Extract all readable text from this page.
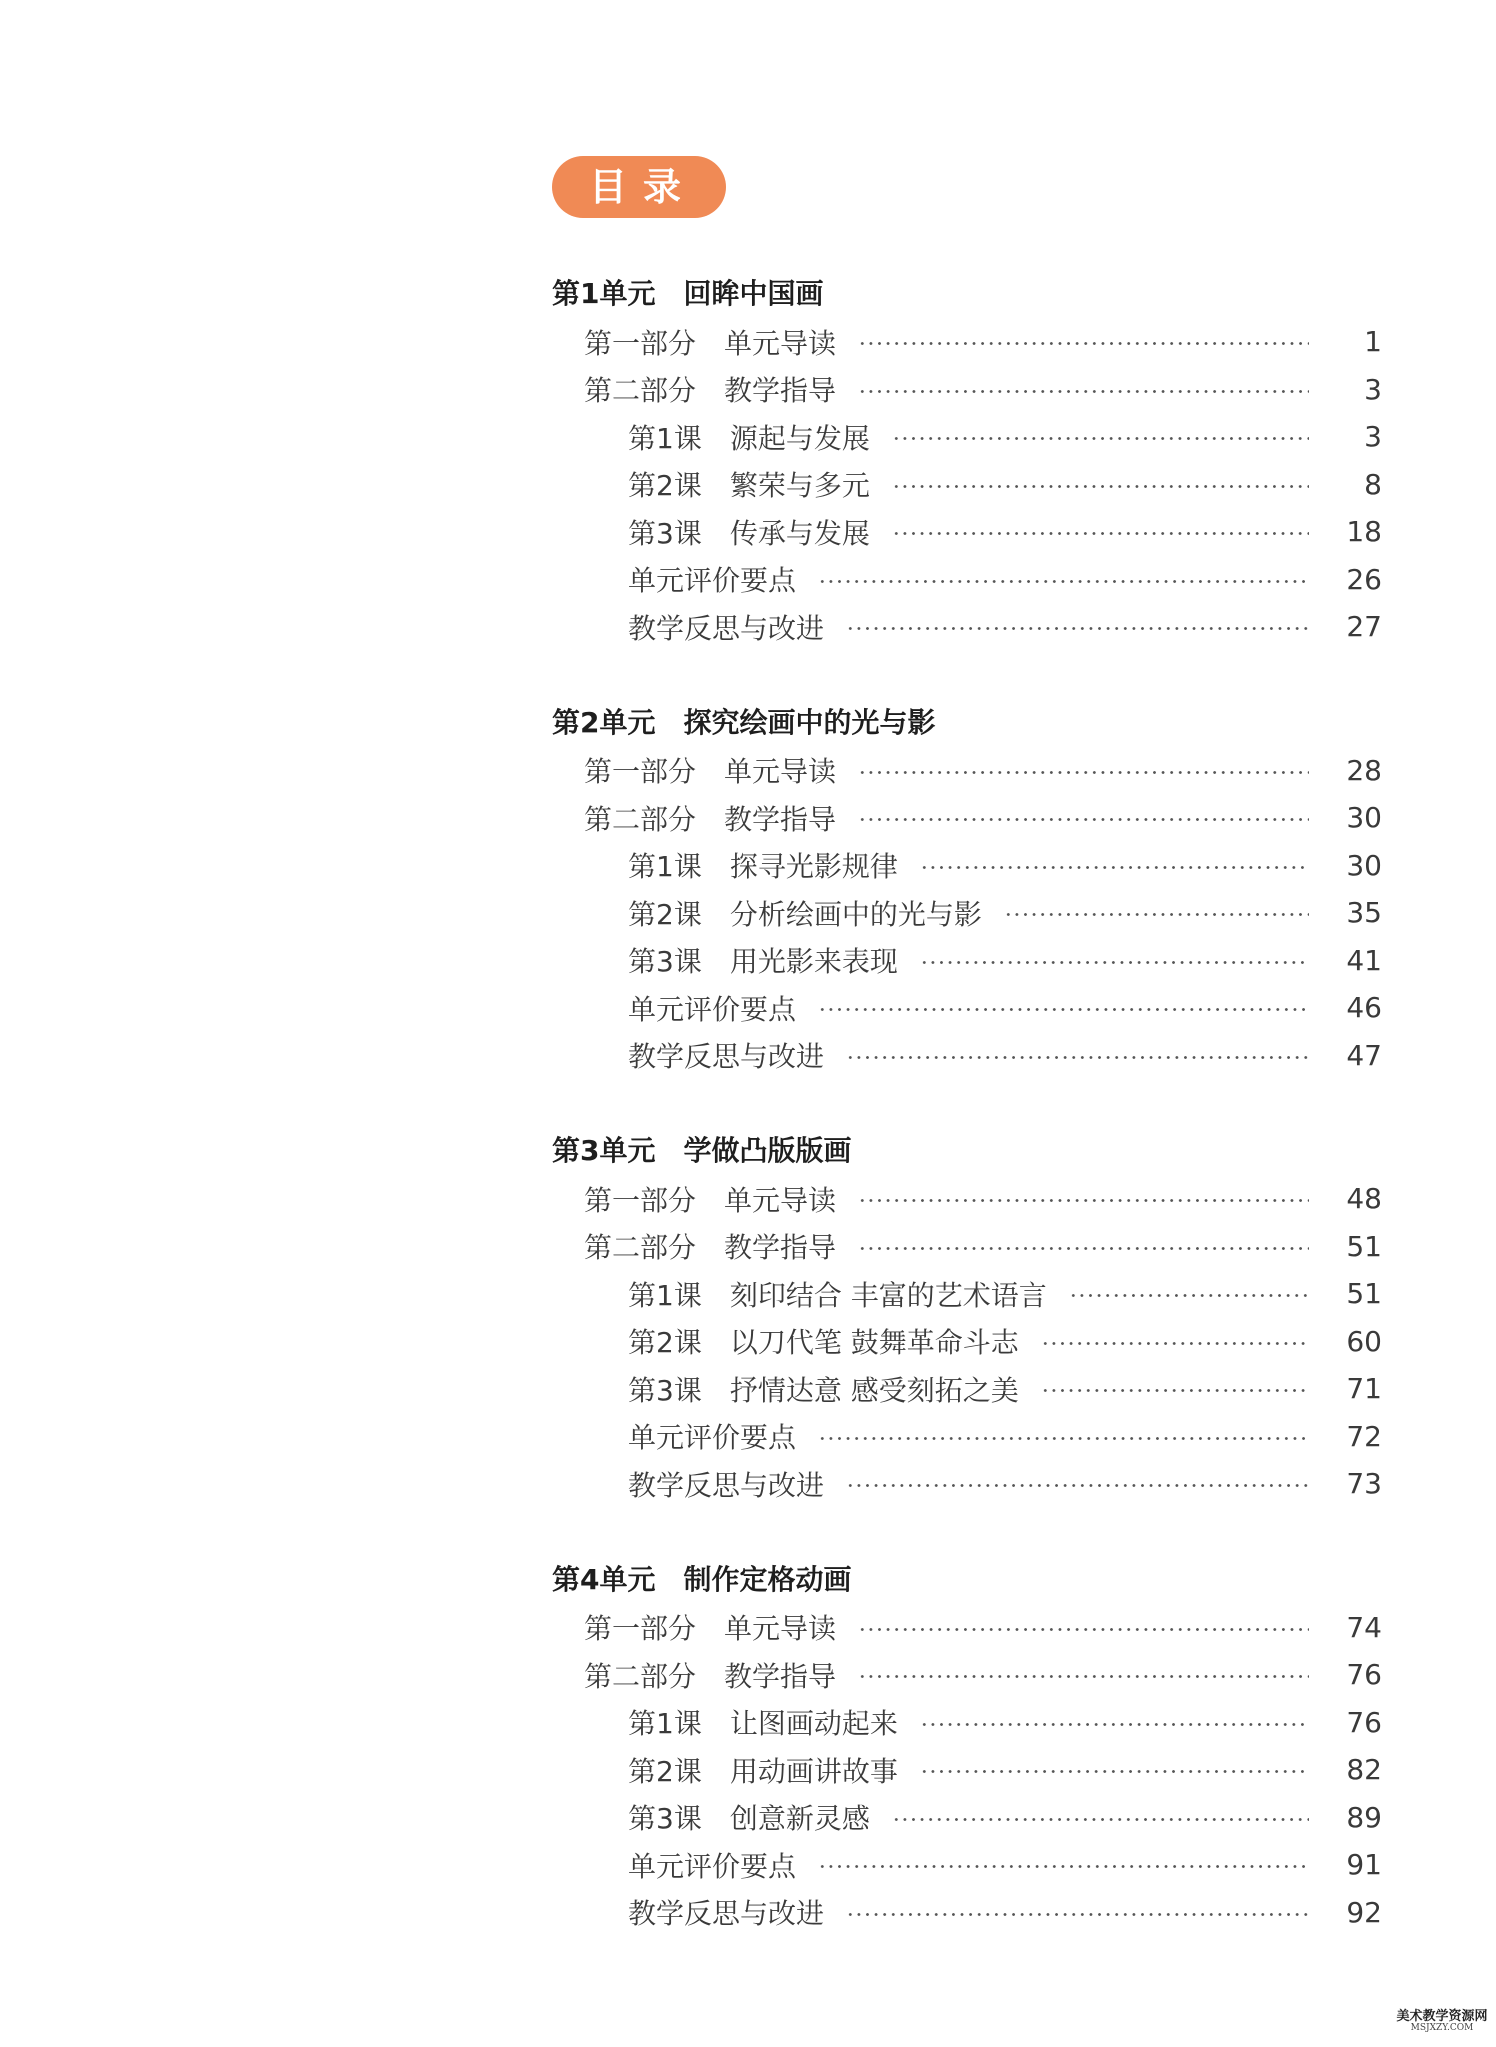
目录
第1单元　回眸中国画
第一部分　单元导读	1
第二部分　教学指导	3
第1课　源起与发展	3
第2课　繁荣与多元	8
第3课　传承与发展	18
单元评价要点	26
教学反思与改进	27
第2单元　探究绘画中的光与影
第一部分　单元导读	28
第二部分　教学指导	30
第1课　探寻光影规律	30
第2课　分析绘画中的光与影	35
第3课　用光影来表现	41
单元评价要点	46
教学反思与改进	47
第3单元　学做凸版版画
第一部分　单元导读	48
第二部分　教学指导	51
第1课　刻印结合 丰富的艺术语言	51
第2课　以刀代笔 鼓舞革命斗志	60
第3课　抒情达意 感受刻拓之美	71
单元评价要点	72
教学反思与改进	73
第4单元　制作定格动画
第一部分　单元导读	74
第二部分　教学指导	76
第1课　让图画动起来	76
第2课　用动画讲故事	82
第3课　创意新灵感	89
单元评价要点	91
教学反思与改进	92
美术教学资源网
MSJXZY.COM
